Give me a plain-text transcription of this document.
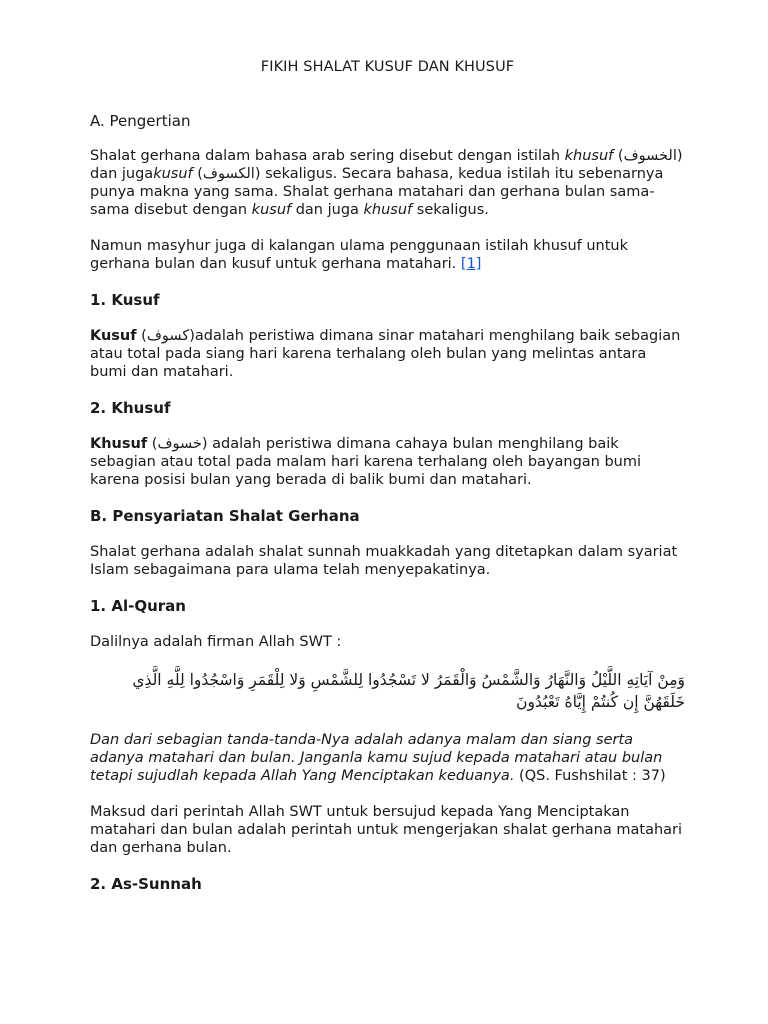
FIKIH SHALAT KUSUF DAN KHUSUF
A. Pengertian

Shalat gerhana dalam bahasa arab sering disebut dengan istilah khusuf (الخسوف) dan jugakusuf (الكسوف) sekaligus. Secara bahasa, kedua istilah itu sebenarnya punya makna yang sama. Shalat gerhana matahari dan gerhana bulan sama-sama disebut dengan kusuf dan juga khusuf sekaligus.

Namun masyhur juga di kalangan ulama penggunaan istilah khusuf untuk gerhana bulan dan kusuf untuk gerhana matahari. [1]

1. Kusuf

Kusuf (كسوف)adalah peristiwa dimana sinar matahari menghilang baik sebagian atau total pada siang hari karena terhalang oleh bulan yang melintas antara bumi dan matahari.

2. Khusuf

Khusuf (خسوف) adalah peristiwa dimana cahaya bulan menghilang baik sebagian atau total pada malam hari karena terhalang oleh bayangan bumi karena posisi bulan yang berada di balik bumi dan matahari.

B. Pensyariatan Shalat Gerhana

Shalat gerhana adalah shalat sunnah muakkadah yang ditetapkan dalam syariat Islam sebagaimana para ulama telah menyepakatinya.

1. Al-Quran

Dalilnya adalah firman Allah SWT :

وَمِنْ آيَاتِهِ اللَّيْلُ وَالنَّهَارُ وَالشَّمْسُ وَالْقَمَرُ لا تَسْجُدُوا لِلشَّمْسِ وَلا لِلْقَمَرِ وَاسْجُدُوا لِلَّهِ الَّذِي خَلَقَهُنَّ إِن كُنتُمْ إِيَّاهُ تَعْبُدُونَ

Dan dari sebagian tanda-tanda-Nya adalah adanya malam dan siang serta adanya matahari dan bulan. Janganla kamu sujud kepada matahari atau bulan tetapi sujudlah kepada Allah Yang Menciptakan keduanya. (QS. Fushshilat : 37)

Maksud dari perintah Allah SWT untuk bersujud kepada Yang Menciptakan matahari dan bulan adalah perintah untuk mengerjakan shalat gerhana matahari dan gerhana bulan.

2. As-Sunnah
